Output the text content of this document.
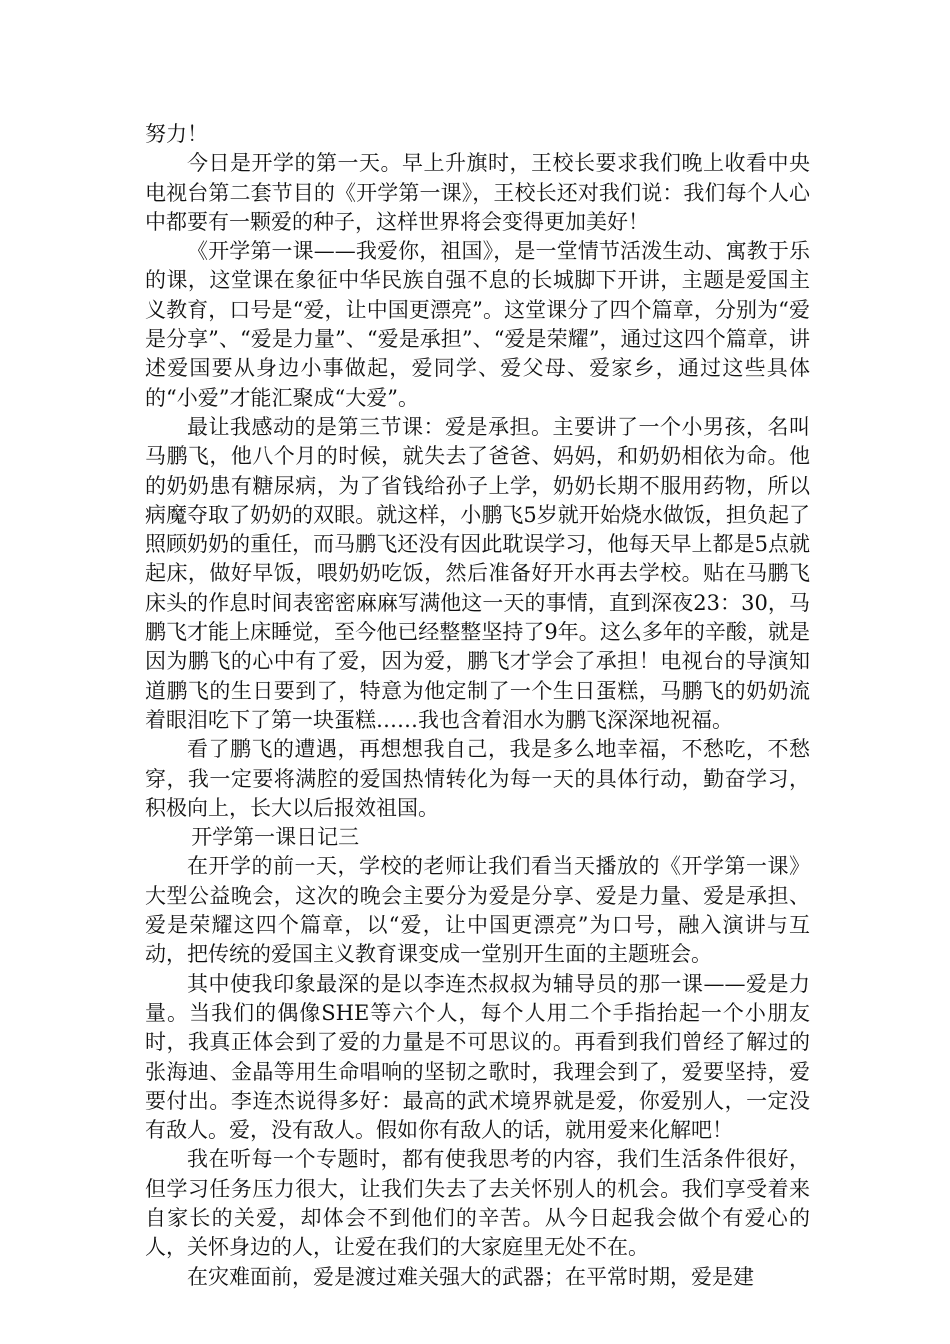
努力！

今日是开学的第一天。早上升旗时，王校长要求我们晚上收看中央电视台第二套节目的《开学第一课》，王校长还对我们说：我们每个人心中都要有一颗爱的种子，这样世界将会变得更加美好！

《开学第一课——我爱你，祖国》，是一堂情节活泼生动、寓教于乐的课，这堂课在象征中华民族自强不息的长城脚下开讲，主题是爱国主义教育，口号是“爱，让中国更漂亮”。这堂课分了四个篇章，分别为“爱是分享”、“爱是力量”、“爱是承担”、“爱是荣耀”，通过这四个篇章，讲述爱国要从身边小事做起，爱同学、爱父母、爱家乡，通过这些具体的“小爱”才能汇聚成“大爱”。

最让我感动的是第三节课：爱是承担。主要讲了一个小男孩，名叫马鹏飞，他八个月的时候，就失去了爸爸、妈妈，和奶奶相依为命。他的奶奶患有糖尿病，为了省钱给孙子上学，奶奶长期不服用药物，所以病魔夺取了奶奶的双眼。就这样，小鹏飞5岁就开始烧水做饭，担负起了照顾奶奶的重任，而马鹏飞还没有因此耽误学习，他每天早上都是5点就起床，做好早饭，喂奶奶吃饭，然后准备好开水再去学校。贴在马鹏飞床头的作息时间表密密麻麻写满他这一天的事情，直到深夜23：30，马鹏飞才能上床睡觉，至今他已经整整坚持了9年。这么多年的辛酸，就是因为鹏飞的心中有了爱，因为爱，鹏飞才学会了承担！电视台的导演知道鹏飞的生日要到了，特意为他定制了一个生日蛋糕，马鹏飞的奶奶流着眼泪吃下了第一块蛋糕……我也含着泪水为鹏飞深深地祝福。

看了鹏飞的遭遇，再想想我自己，我是多么地幸福，不愁吃，不愁穿，我一定要将满腔的爱国热情转化为每一天的具体行动，勤奋学习，积极向上，长大以后报效祖国。

开学第一课日记三

在开学的前一天，学校的老师让我们看当天播放的《开学第一课》大型公益晚会，这次的晚会主要分为爱是分享、爱是力量、爱是承担、爱是荣耀这四个篇章，以“爱，让中国更漂亮”为口号，融入演讲与互动，把传统的爱国主义教育课变成一堂别开生面的主题班会。

其中使我印象最深的是以李连杰叔叔为辅导员的那一课——爱是力量。当我们的偶像SHE等六个人，每个人用二个手指抬起一个小朋友时，我真正体会到了爱的力量是不可思议的。再看到我们曾经了解过的张海迪、金晶等用生命唱响的坚韧之歌时，我理会到了，爱要坚持，爱要付出。李连杰说得多好：最高的武术境界就是爱，你爱别人，一定没有敌人。爱，没有敌人。假如你有敌人的话，就用爱来化解吧！

我在听每一个专题时，都有使我思考的内容，我们生活条件很好，但学习任务压力很大，让我们失去了去关怀别人的机会。我们享受着来自家长的关爱，却体会不到他们的辛苦。从今日起我会做个有爱心的人，关怀身边的人，让爱在我们的大家庭里无处不在。

在灾难面前，爱是渡过难关强大的武器；在平常时期，爱是建
